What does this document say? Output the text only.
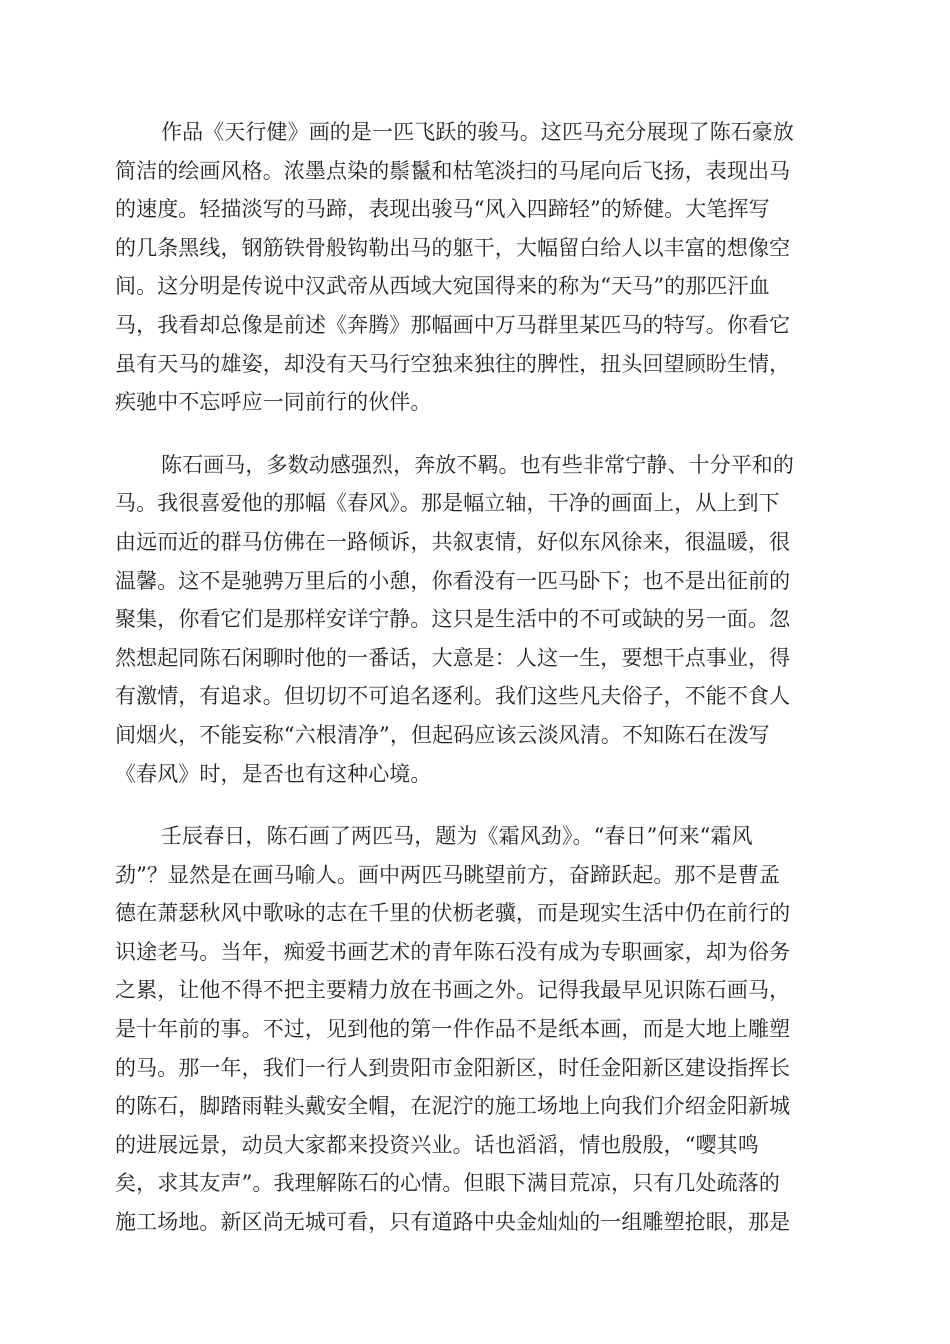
作品《天行健》画的是一匹飞跃的骏马。这匹马充分展现了陈石豪放
简洁的绘画风格。浓墨点染的鬃鬣和枯笔淡扫的马尾向后飞扬，表现出马
的速度。轻描淡写的马蹄，表现出骏马“风入四蹄轻”的矫健。大笔挥写
的几条黑线，钢筋铁骨般钩勒出马的躯干，大幅留白给人以丰富的想像空
间。这分明是传说中汉武帝从西域大宛国得来的称为“天马”的那匹汗血
马，我看却总像是前述《奔腾》那幅画中万马群里某匹马的特写。你看它
虽有天马的雄姿，却没有天马行空独来独往的脾性，扭头回望顾盼生情，
疾驰中不忘呼应一同前行的伙伴。
陈石画马，多数动感强烈，奔放不羁。也有些非常宁静、十分平和的
马。我很喜爱他的那幅《春风》。那是幅立轴，干净的画面上，从上到下
由远而近的群马仿佛在一路倾诉，共叙衷情，好似东风徐来，很温暖，很
温馨。这不是驰骋万里后的小憩，你看没有一匹马卧下；也不是出征前的
聚集，你看它们是那样安详宁静。这只是生活中的不可或缺的另一面。忽
然想起同陈石闲聊时他的一番话，大意是：人这一生，要想干点事业，得
有激情，有追求。但切切不可追名逐利。我们这些凡夫俗子，不能不食人
间烟火，不能妄称“六根清净”，但起码应该云淡风清。不知陈石在泼写
《春风》时，是否也有这种心境。
壬辰春日，陈石画了两匹马，题为《霜风劲》。“春日”何来“霜风
劲”？显然是在画马喻人。画中两匹马眺望前方，奋蹄跃起。那不是曹孟
德在萧瑟秋风中歌咏的志在千里的伏枥老骥，而是现实生活中仍在前行的
识途老马。当年，痴爱书画艺术的青年陈石没有成为专职画家，却为俗务
之累，让他不得不把主要精力放在书画之外。记得我最早见识陈石画马，
是十年前的事。不过，见到他的第一件作品不是纸本画，而是大地上雕塑
的马。那一年，我们一行人到贵阳市金阳新区，时任金阳新区建设指挥长
的陈石，脚踏雨鞋头戴安全帽，在泥泞的施工场地上向我们介绍金阳新城
的进展远景，动员大家都来投资兴业。话也滔滔，情也殷殷，“嘤其鸣
矣，求其友声”。我理解陈石的心情。但眼下满目荒凉，只有几处疏落的
施工场地。新区尚无城可看，只有道路中央金灿灿的一组雕塑抢眼，那是
